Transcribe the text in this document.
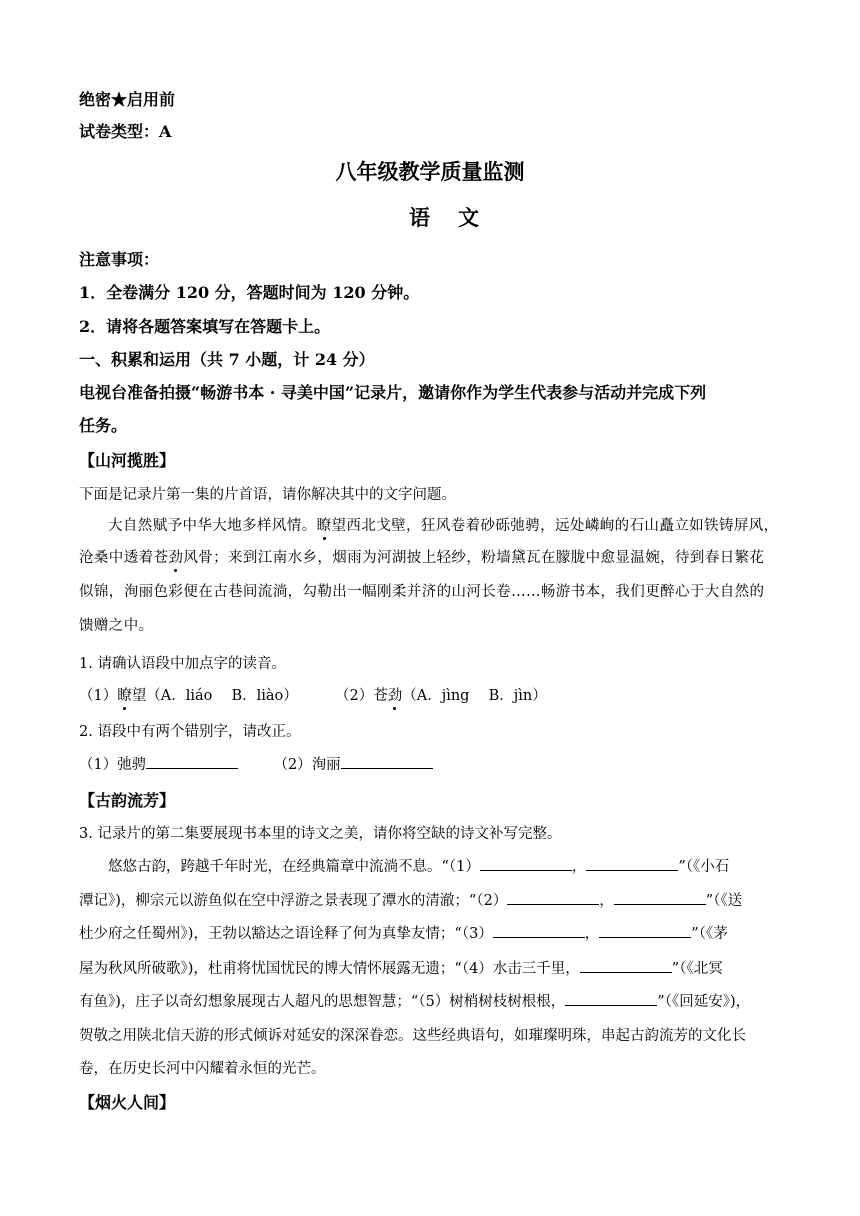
绝密★启用前
试卷类型：A
八年级教学质量监测
语文
注意事项：
1．全卷满分 120 分，答题时间为 120 分钟。
2．请将各题答案填写在答题卡上。
一、积累和运用（共 7 小题，计 24 分）
电视台准备拍摄“畅游书本 · 寻美中国”记录片，邀请你作为学生代表参与活动并完成下列
任务。
【山河揽胜】
下面是记录片第一集的片首语，请你解决其中的文字问题。
大自然赋予中华大地多样风情。瞭望西北戈壁，狂风卷着砂砾弛骋，远处嶙峋的石山矗立如铁铸屏风，
沧桑中透着苍劲风骨；来到江南水乡，烟雨为河湖披上轻纱，粉墙黛瓦在朦胧中愈显温婉，待到春日繁花
似锦，洵丽色彩便在古巷间流淌，勾勒出一幅刚柔并济的山河长卷……畅游书本，我们更醉心于大自然的
馈赠之中。
1. 请确认语段中加点字的读音。
（1）瞭望（A．liáo　 B．liào）	（2）苍劲（A．jìng　 B．jìn）
2. 语段中有两个错别字，请改正。
（1）弛骋	（2）洵丽
【古韵流芳】
3. 记录片的第二集要展现书本里的诗文之美，请你将空缺的诗文补写完整。
悠悠古韵，跨越千年时光，在经典篇章中流淌不息。“（1）	，	”（《小石
潭记》)，柳宗元以游鱼似在空中浮游之景表现了潭水的清澈；“（2）	，	”（《送
杜少府之任蜀州》)，王勃以豁达之语诠释了何为真挚友情；“（3）	，	”（《茅
屋为秋风所破歌》)，杜甫将忧国忧民的博大情怀展露无遗；“（4）水击三千里，	”（《北冥
有鱼》)，庄子以奇幻想象展现古人超凡的思想智慧；“（5）树梢树枝树根根，	”（《回延安》)，
贺敬之用陕北信天游的形式倾诉对延安的深深眷恋。这些经典语句，如璀璨明珠，串起古韵流芳的文化长
卷，在历史长河中闪耀着永恒的光芒。
【烟火人间】
